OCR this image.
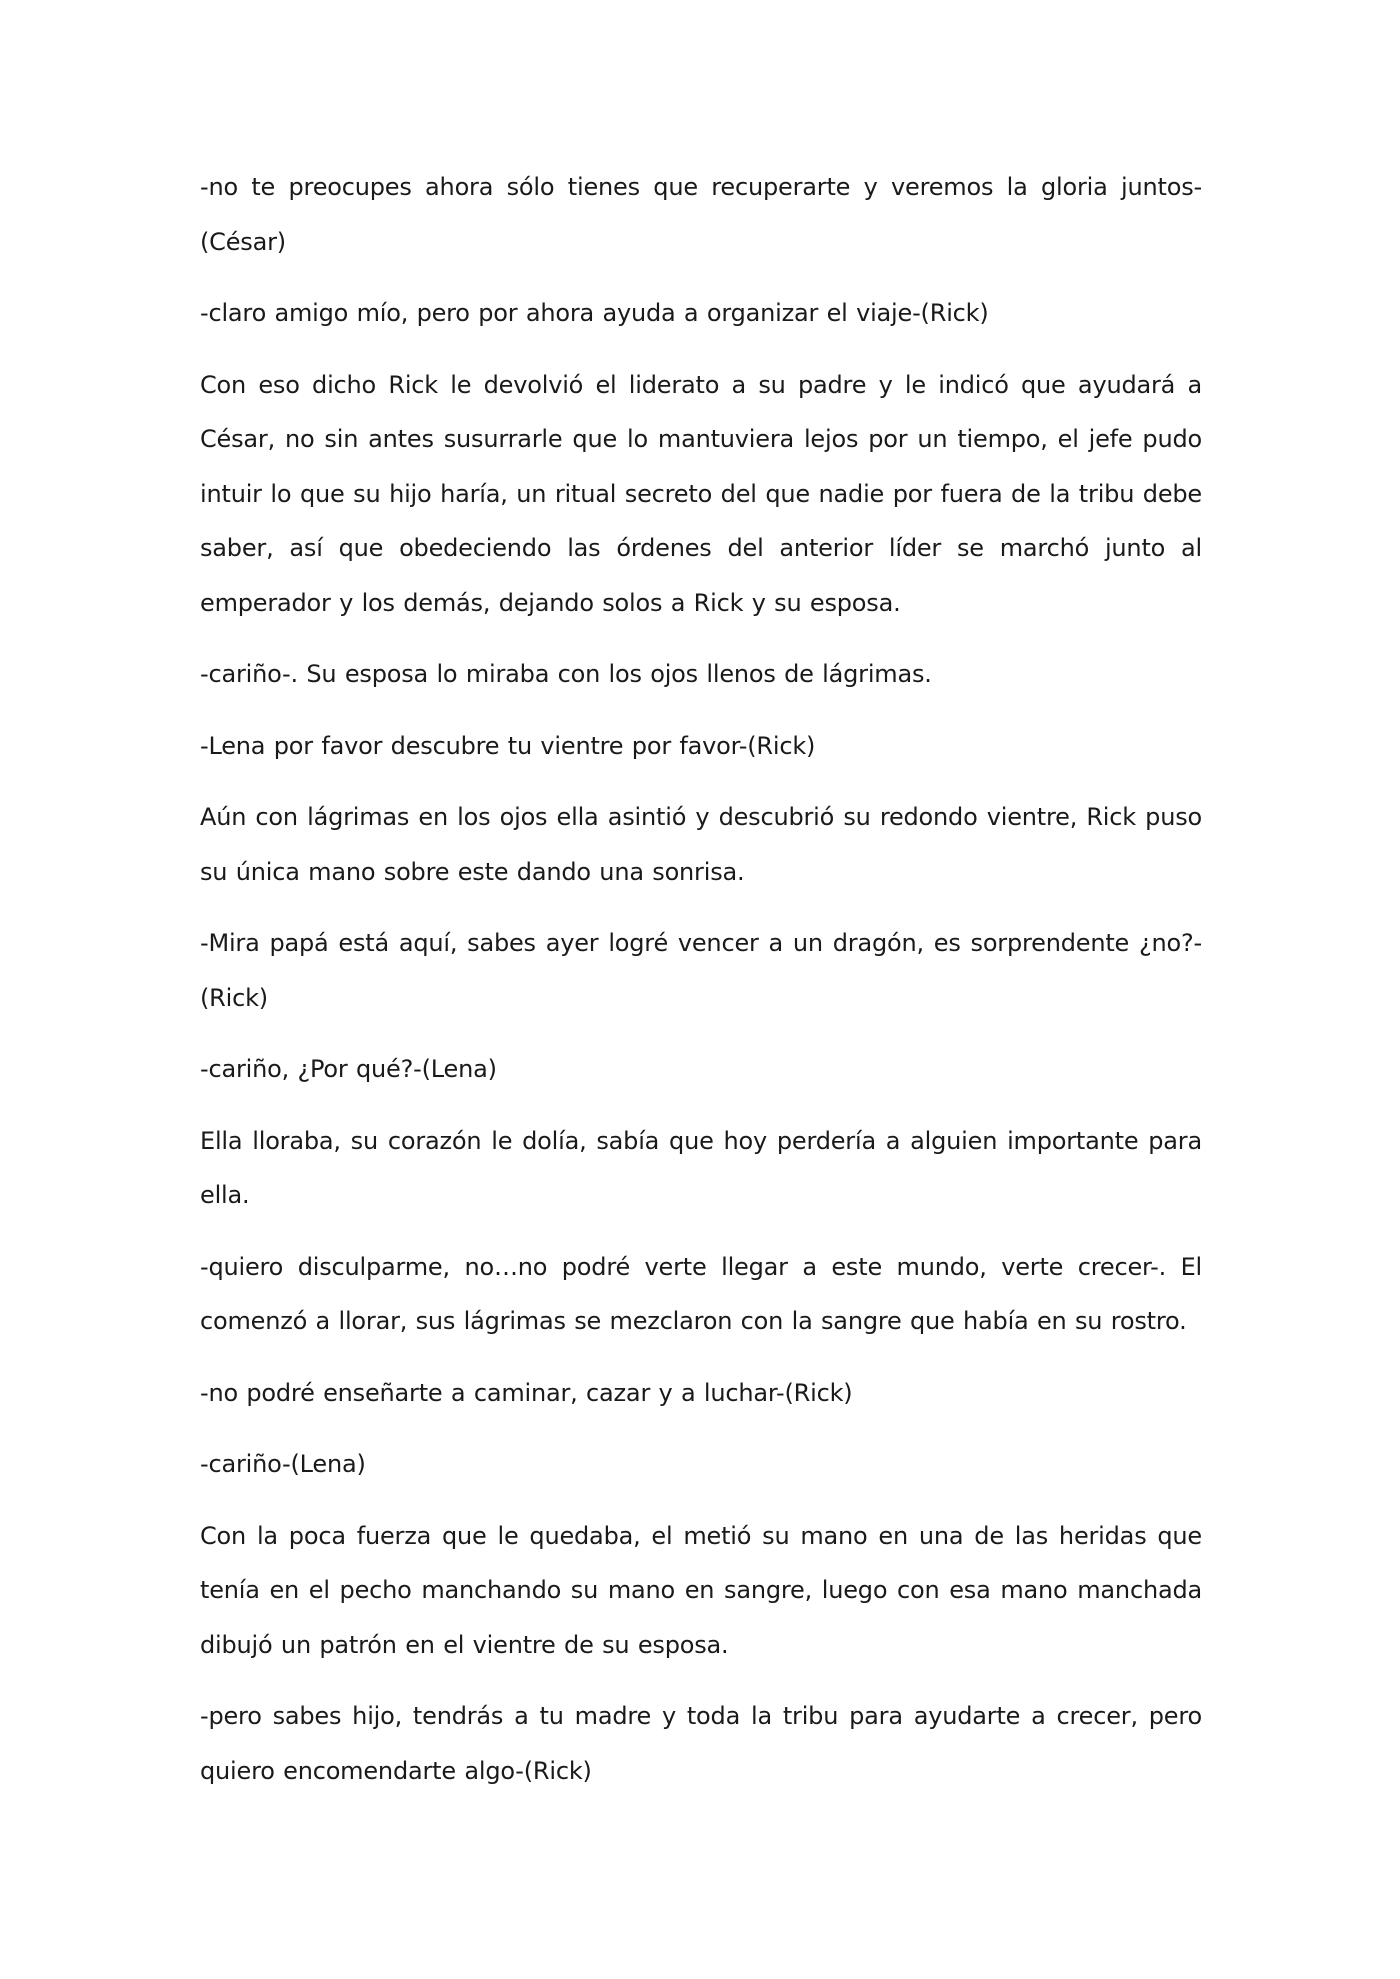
-no te preocupes ahora sólo tienes que recuperarte y veremos la gloria juntos-(César)

-claro amigo mío, pero por ahora ayuda a organizar el viaje-(Rick)

Con eso dicho Rick le devolvió el liderato a su padre y le indicó que ayudará a César, no sin antes susurrarle que lo mantuviera lejos por un tiempo, el jefe pudo intuir lo que su hijo haría, un ritual secreto del que nadie por fuera de la tribu debe saber, así que obedeciendo las órdenes del anterior líder se marchó junto al emperador y los demás, dejando solos a Rick y su esposa.

-cariño-. Su esposa lo miraba con los ojos llenos de lágrimas.

-Lena por favor descubre tu vientre por favor-(Rick)

Aún con lágrimas en los ojos ella asintió y descubrió su redondo vientre, Rick puso su única mano sobre este dando una sonrisa.

-Mira papá está aquí, sabes ayer logré vencer a un dragón, es sorprendente ¿no?-(Rick)

-cariño, ¿Por qué?-(Lena)

Ella lloraba, su corazón le dolía, sabía que hoy perdería a alguien importante para ella.

-quiero disculparme, no…no podré verte llegar a este mundo, verte crecer-. El comenzó a llorar, sus lágrimas se mezclaron con la sangre que había en su rostro.

-no podré enseñarte a caminar, cazar y a luchar-(Rick)

-cariño-(Lena)

Con la poca fuerza que le quedaba, el metió su mano en una de las heridas que tenía en el pecho manchando su mano en sangre, luego con esa mano manchada dibujó un patrón en el vientre de su esposa.

-pero sabes hijo, tendrás a tu madre y toda la tribu para ayudarte a crecer, pero quiero encomendarte algo-(Rick)
